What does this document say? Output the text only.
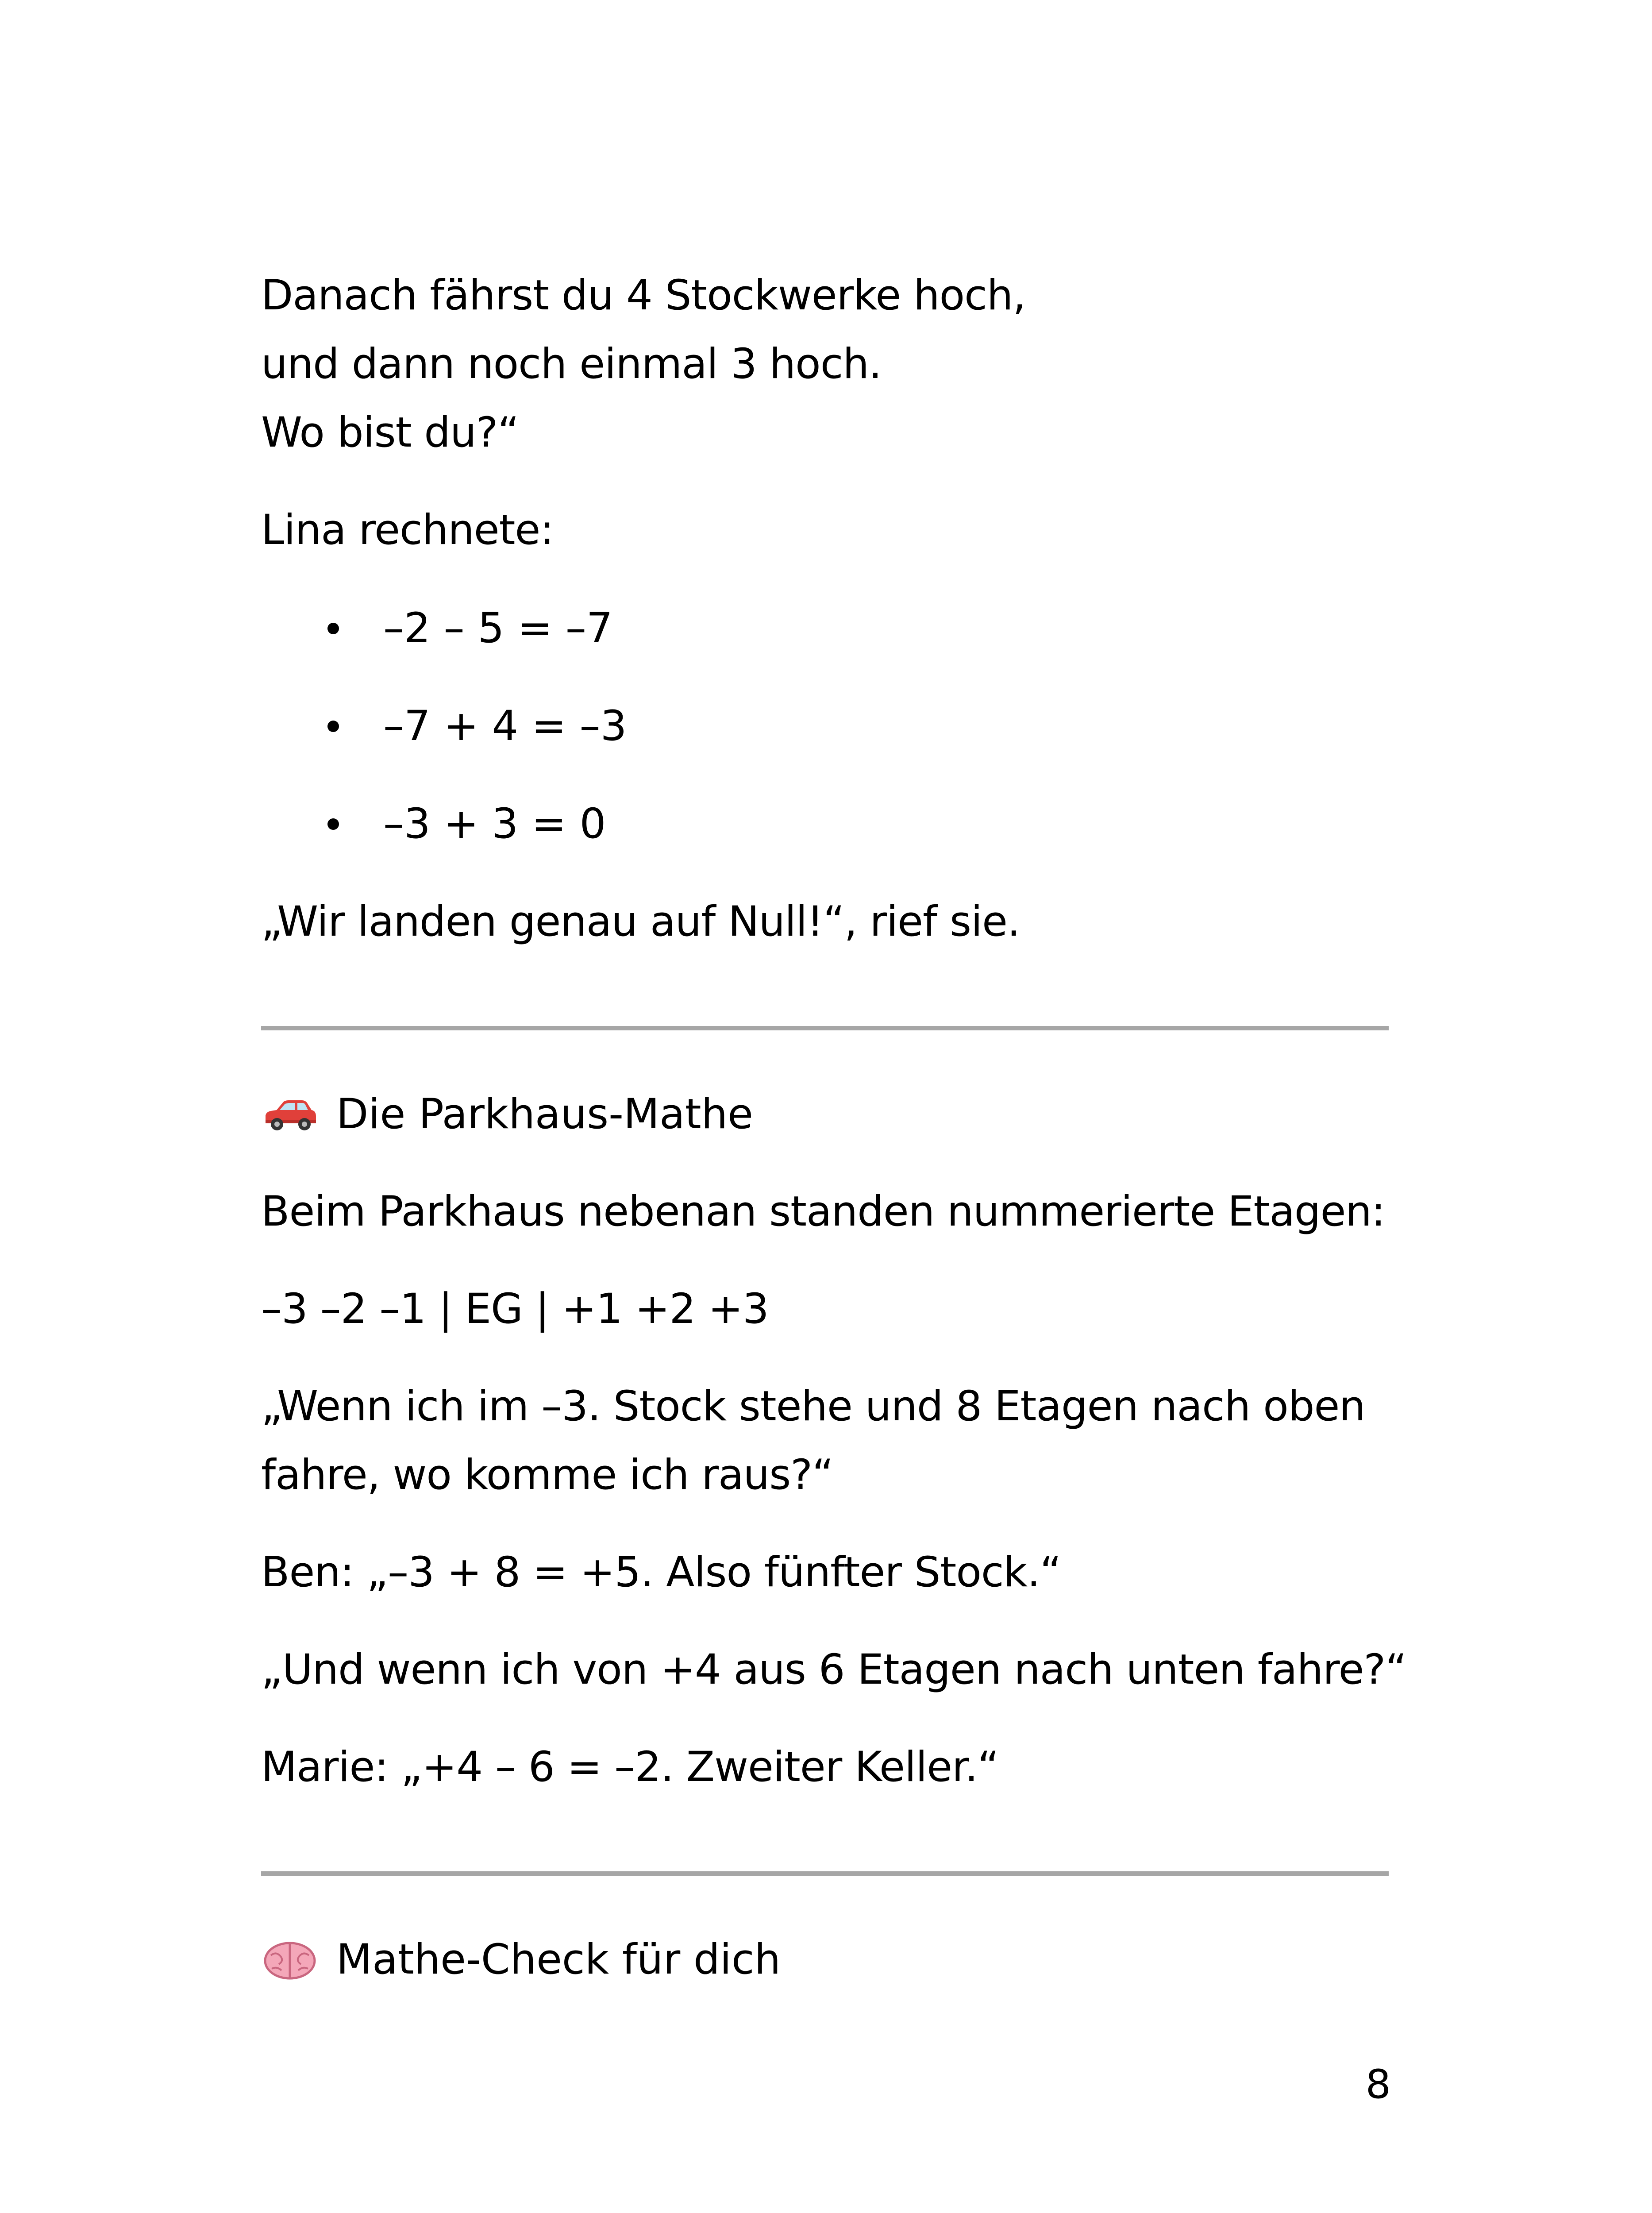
Danach fährst du 4 Stockwerke hoch,
und dann noch einmal 3 hoch.
Wo bist du?“
Lina rechnete:
–2 – 5 = –7
–7 + 4 = –3
–3 + 3 = 0
„Wir landen genau auf Null!“, rief sie.
Die Parkhaus-Mathe
Beim Parkhaus nebenan standen nummerierte Etagen:
–3 –2 –1 | EG | +1 +2 +3
„Wenn ich im –3. Stock stehe und 8 Etagen nach oben
fahre, wo komme ich raus?“
Ben: „–3 + 8 = +5. Also fünfter Stock.“
„Und wenn ich von +4 aus 6 Etagen nach unten fahre?“
Marie: „+4 – 6 = –2. Zweiter Keller.“
Mathe-Check für dich
8
